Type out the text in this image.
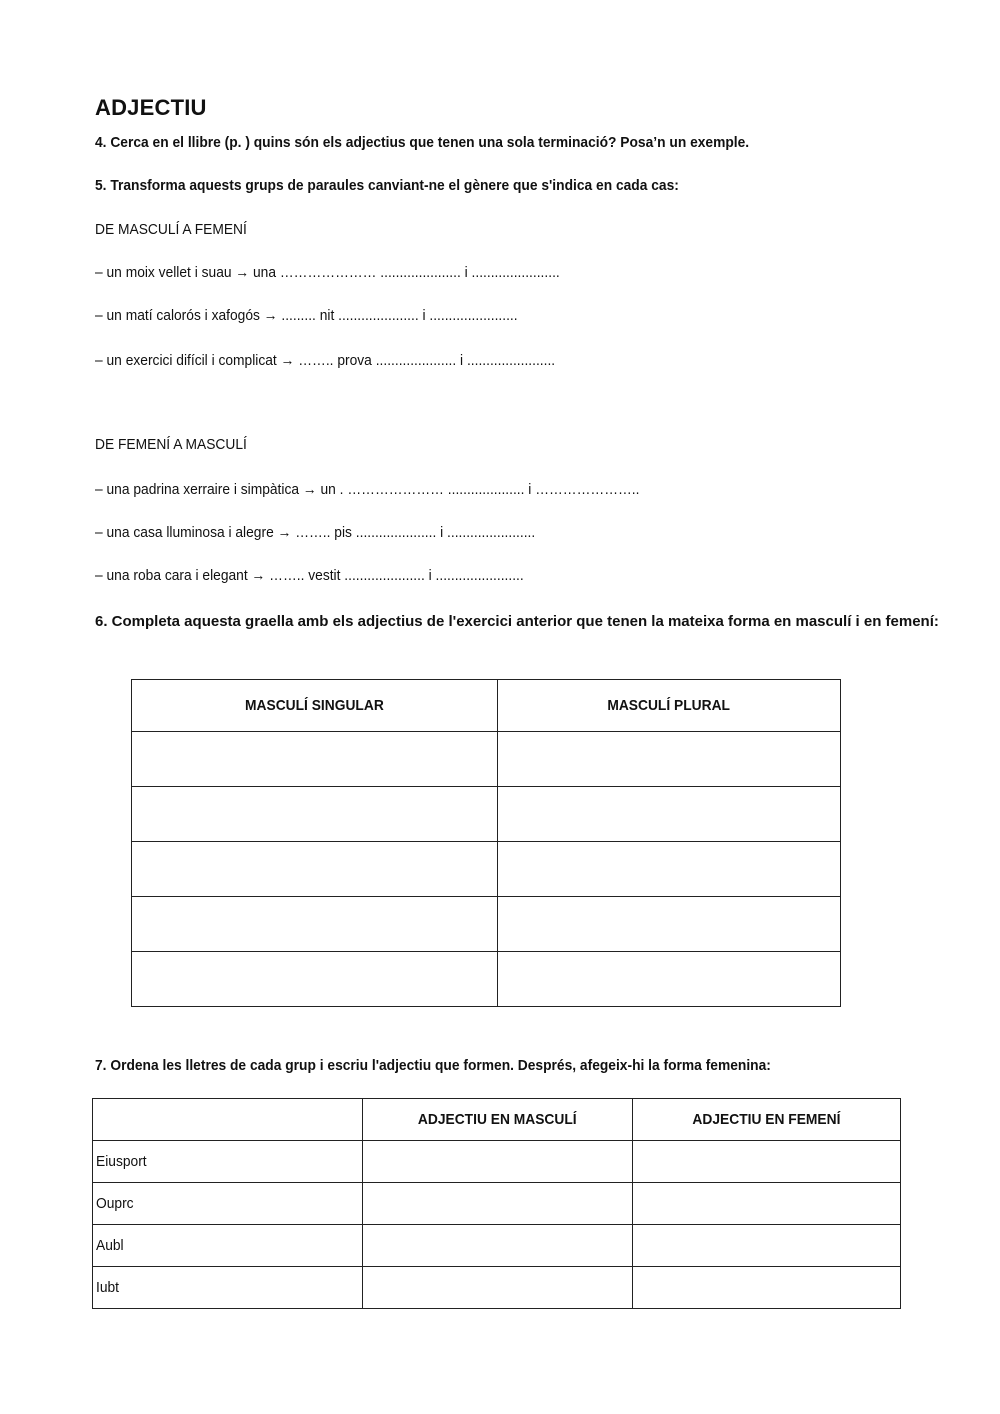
ADJECTIU
4. Cerca en el llibre (p. ) quins són els adjectius que tenen una sola terminació? Posa’n un exemple.
5. Transforma aquests grups de paraules canviant-ne el gènere que s'indica en cada cas:
DE MASCULÍ A FEMENÍ
– un moix vellet i suau → una ………………… ..................... i .......................
– un matí calorós i xafogós → ......... nit ..................... i .......................
– un exercici difícil i complicat → …….. prova ..................... i .......................
DE FEMENÍ A MASCULÍ
– una padrina xerraire i simpàtica → un . ………………… .................... i …………………..
– una casa lluminosa i alegre → …….. pis ..................... i .......................
– una roba cara i elegant → …….. vestit ..................... i .......................
6. Completa aquesta graella amb els adjectius de l'exercici anterior que tenen la mateixa forma en masculí i en femení:
MASCULÍ SINGULAR	MASCULÍ PLURAL

7. Ordena les lletres de cada grup i escriu l'adjectiu que formen. Després, afegeix-hi la forma femenina:
	ADJECTIU EN MASCULÍ	ADJECTIU EN FEMENÍ
Eiusport		
Ouprc		
Aubl		
Iubt		
